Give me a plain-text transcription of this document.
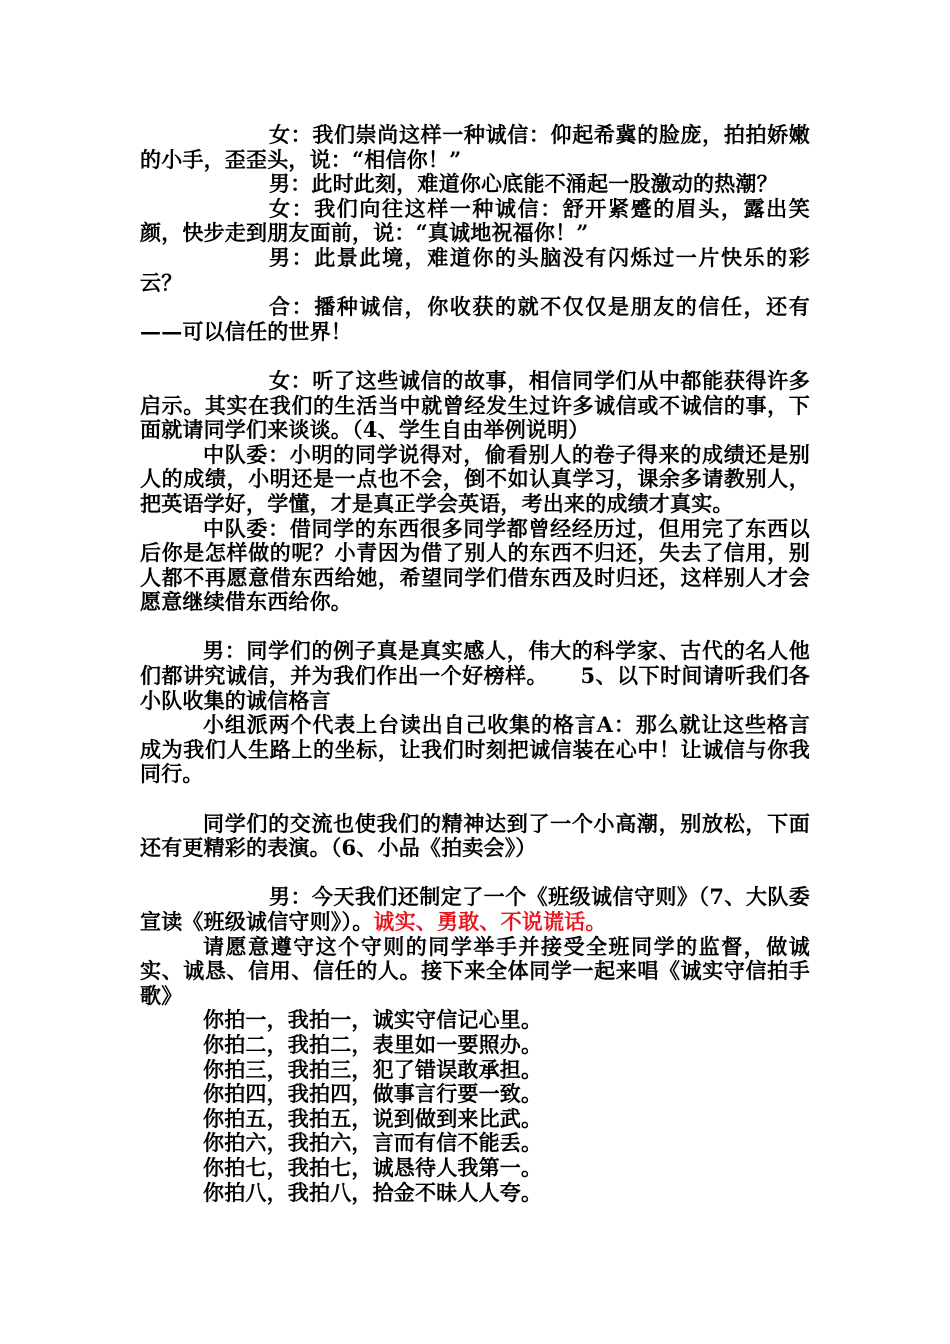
女：我们崇尚这样一种诚信：仰起希冀的脸庞，拍拍娇嫩的小手，歪歪头，说：“相信你！”

男：此时此刻，难道你心底能不涌起一股激动的热潮？

女：我们向往这样一种诚信：舒开紧蹙的眉头，露出笑颜，快步走到朋友面前，说：“真诚地祝福你！”

男：此景此境，难道你的头脑没有闪烁过一片快乐的彩云？

合：播种诚信，你收获的就不仅仅是朋友的信任，还有——可以信任的世界！

女：听了这些诚信的故事，相信同学们从中都能获得许多启示。其实在我们的生活当中就曾经发生过许多诚信或不诚信的事，下面就请同学们来谈谈。（4、学生自由举例说明）

中队委：小明的同学说得对，偷看别人的卷子得来的成绩还是别人的成绩，小明还是一点也不会，倒不如认真学习，课余多请教别人，把英语学好，学懂，才是真正学会英语，考出来的成绩才真实。

中队委：借同学的东西很多同学都曾经经历过，但用完了东西以后你是怎样做的呢？小青因为借了别人的东西不归还，失去了信用，别人都不再愿意借东西给她，希望同学们借东西及时归还，这样别人才会愿意继续借东西给你。

男：同学们的例子真是真实感人，伟大的科学家、古代的名人他们都讲究诚信，并为我们作出一个好榜样。　　5、以下时间请听我们各小队收集的诚信格言

小组派两个代表上台读出自己收集的格言A：那么就让这些格言成为我们人生路上的坐标，让我们时刻把诚信装在心中！让诚信与你我同行。

同学们的交流也使我们的精神达到了一个小高潮，别放松，下面还有更精彩的表演。（6、小品《拍卖会》）

男：今天我们还制定了一个《班级诚信守则》（7、大队委宣读《班级诚信守则》）。诚实、勇敢、不说谎话。

请愿意遵守这个守则的同学举手并接受全班同学的监督，做诚实、诚恳、信用、信任的人。接下来全体同学一起来唱《诚实守信拍手歌》

你拍一，我拍一，诚实守信记心里。

你拍二，我拍二，表里如一要照办。

你拍三，我拍三，犯了错误敢承担。

你拍四，我拍四，做事言行要一致。

你拍五，我拍五，说到做到来比武。

你拍六，我拍六，言而有信不能丢。

你拍七，我拍七，诚恳待人我第一。

你拍八，我拍八，拾金不昧人人夸。
